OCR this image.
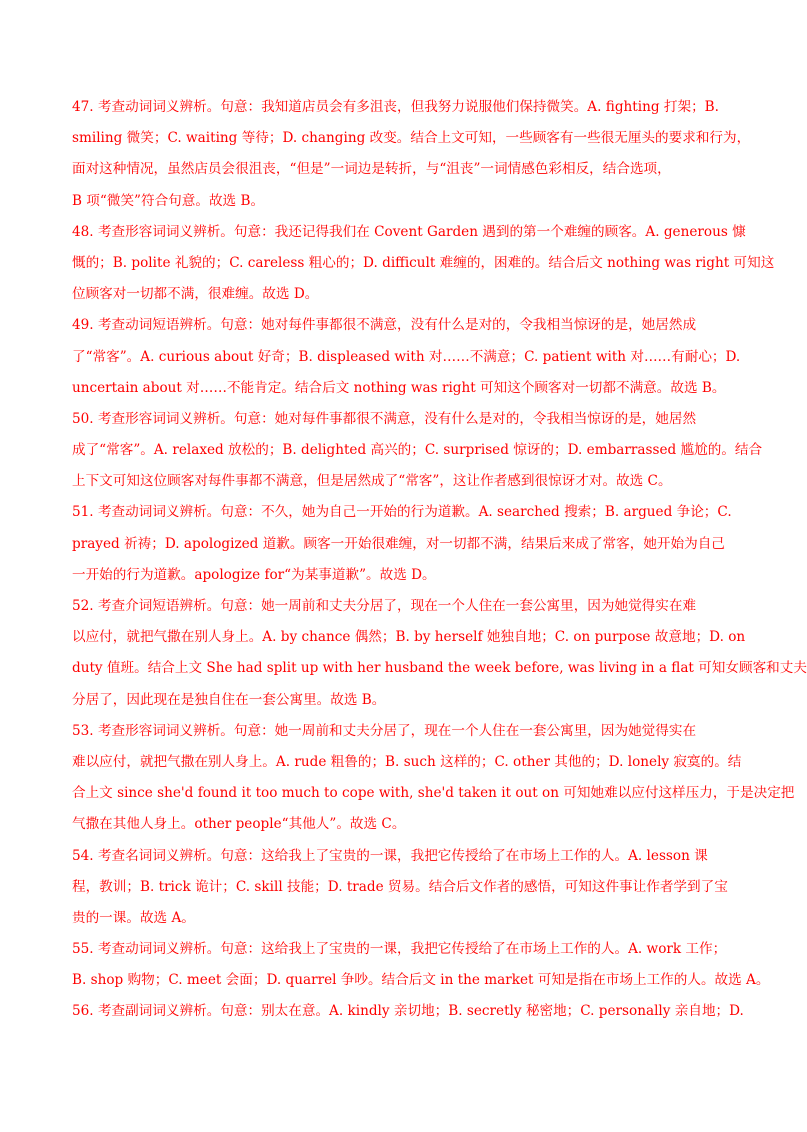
47. 考查动词词义辨析。句意：我知道店员会有多沮丧，但我努力说服他们保持微笑。A. fighting 打架；B.
smiling 微笑；C. waiting 等待；D. changing 改变。结合上文可知，一些顾客有一些很无厘头的要求和行为，
面对这种情况，虽然店员会很沮丧，“但是”一词边是转折，与“沮丧”一词情感色彩相反，结合选项，
B 项“微笑”符合句意。故选 B。
48. 考查形容词词义辨析。句意：我还记得我们在 Covent Garden 遇到的第一个难缠的顾客。A. generous 慷
慨的；B. polite 礼貌的；C. careless 粗心的；D. difficult 难缠的，困难的。结合后文 nothing was right 可知这
位顾客对一切都不满，很难缠。故选 D。
49. 考查动词短语辨析。句意：她对每件事都很不满意，没有什么是对的，令我相当惊讶的是，她居然成
了“常客”。A. curious about 好奇；B. displeased with 对……不满意；C. patient with 对……有耐心；D.
uncertain about 对……不能肯定。结合后文 nothing was right 可知这个顾客对一切都不满意。故选 B。
50. 考查形容词词义辨析。句意：她对每件事都很不满意，没有什么是对的，令我相当惊讶的是，她居然
成了“常客”。A. relaxed 放松的；B. delighted 高兴的；C. surprised 惊讶的；D. embarrassed 尴尬的。结合
上下文可知这位顾客对每件事都不满意，但是居然成了“常客”，这让作者感到很惊讶才对。故选 C。
51. 考查动词词义辨析。句意：不久，她为自己一开始的行为道歉。A. searched 搜索；B. argued 争论；C.
prayed 祈祷；D. apologized 道歉。顾客一开始很难缠，对一切都不满，结果后来成了常客，她开始为自己
一开始的行为道歉。apologize for“为某事道歉”。故选 D。
52. 考查介词短语辨析。句意：她一周前和丈夫分居了，现在一个人住在一套公寓里，因为她觉得实在难
以应付，就把气撒在别人身上。A. by chance 偶然；B. by herself 她独自地；C. on purpose 故意地；D. on
duty 值班。结合上文 She had split up with her husband the week before, was living in a flat 可知女顾客和丈夫
分居了，因此现在是独自住在一套公寓里。故选 B。
53. 考查形容词词义辨析。句意：她一周前和丈夫分居了，现在一个人住在一套公寓里，因为她觉得实在
难以应付，就把气撒在别人身上。A. rude 粗鲁的；B. such 这样的；C. other 其他的；D. lonely 寂寞的。结
合上文 since she'd found it too much to cope with, she'd taken it out on 可知她难以应付这样压力，于是决定把
气撒在其他人身上。other people“其他人”。故选 C。
54. 考查名词词义辨析。句意：这给我上了宝贵的一课，我把它传授给了在市场上工作的人。A. lesson 课
程，教训；B. trick 诡计；C. skill 技能；D. trade 贸易。结合后文作者的感悟，可知这件事让作者学到了宝
贵的一课。故选 A。
55. 考查动词词义辨析。句意：这给我上了宝贵的一课，我把它传授给了在市场上工作的人。A. work 工作；
B. shop 购物；C. meet 会面；D. quarrel 争吵。结合后文 in the market 可知是指在市场上工作的人。故选 A。
56. 考查副词词义辨析。句意：别太在意。A. kindly 亲切地；B. secretly 秘密地；C. personally 亲自地；D.
